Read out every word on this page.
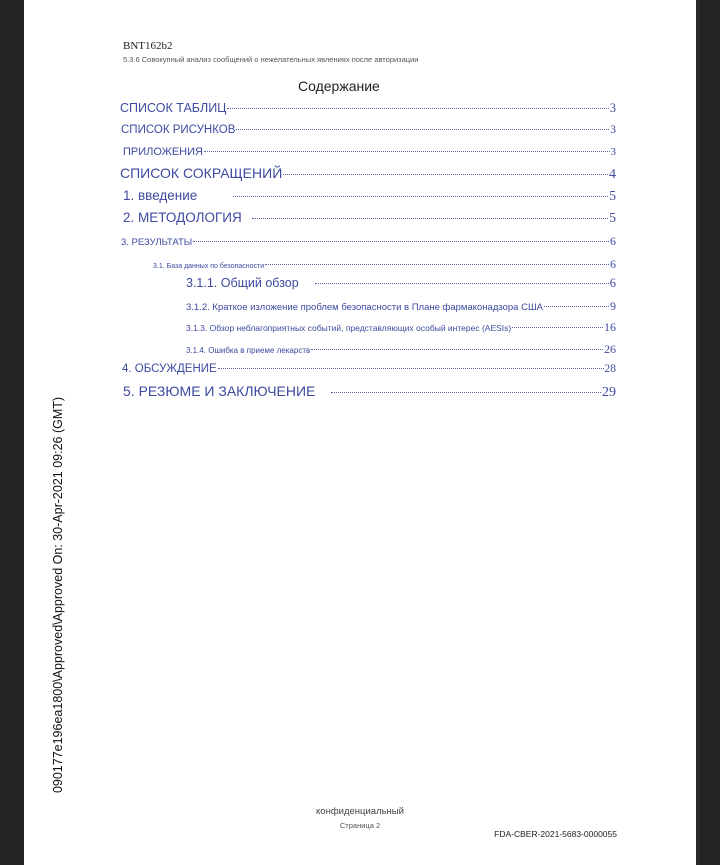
BNT162b2
5.3.6 Совокупный анализ сообщений о нежелательных явлениях после авторизации
Содержание
СПИСОК ТАБЛИЦ	3
СПИСОК РИСУНКОВ	3
ПРИЛОЖЕНИЯ	3
СПИСОК СОКРАЩЕНИЙ	4
1. введение	5
2. МЕТОДОЛОГИЯ	5
3. РЕЗУЛЬТАТЫ	6
3.1. База данных по безопасности	6
3.1.1. Общий обзор	6
3.1.2. Краткое изложение проблем безопасности в Плане фармаконадзора США	9
3.1.3. Обзор неблагоприятных событий, представляющих особый интерес (AESIs)	16
3.1.4. Ошибка в приеме лекарств	26
4. ОБСУЖДЕНИЕ	28
5. РЕЗЮМЕ И ЗАКЛЮЧЕНИЕ	29
конфиденциальный
Страница 2
FDA-CBER-2021-5683-0000055
090177e196ea1800\Approved\Approved On: 30-Apr-2021 09:26 (GMT)
